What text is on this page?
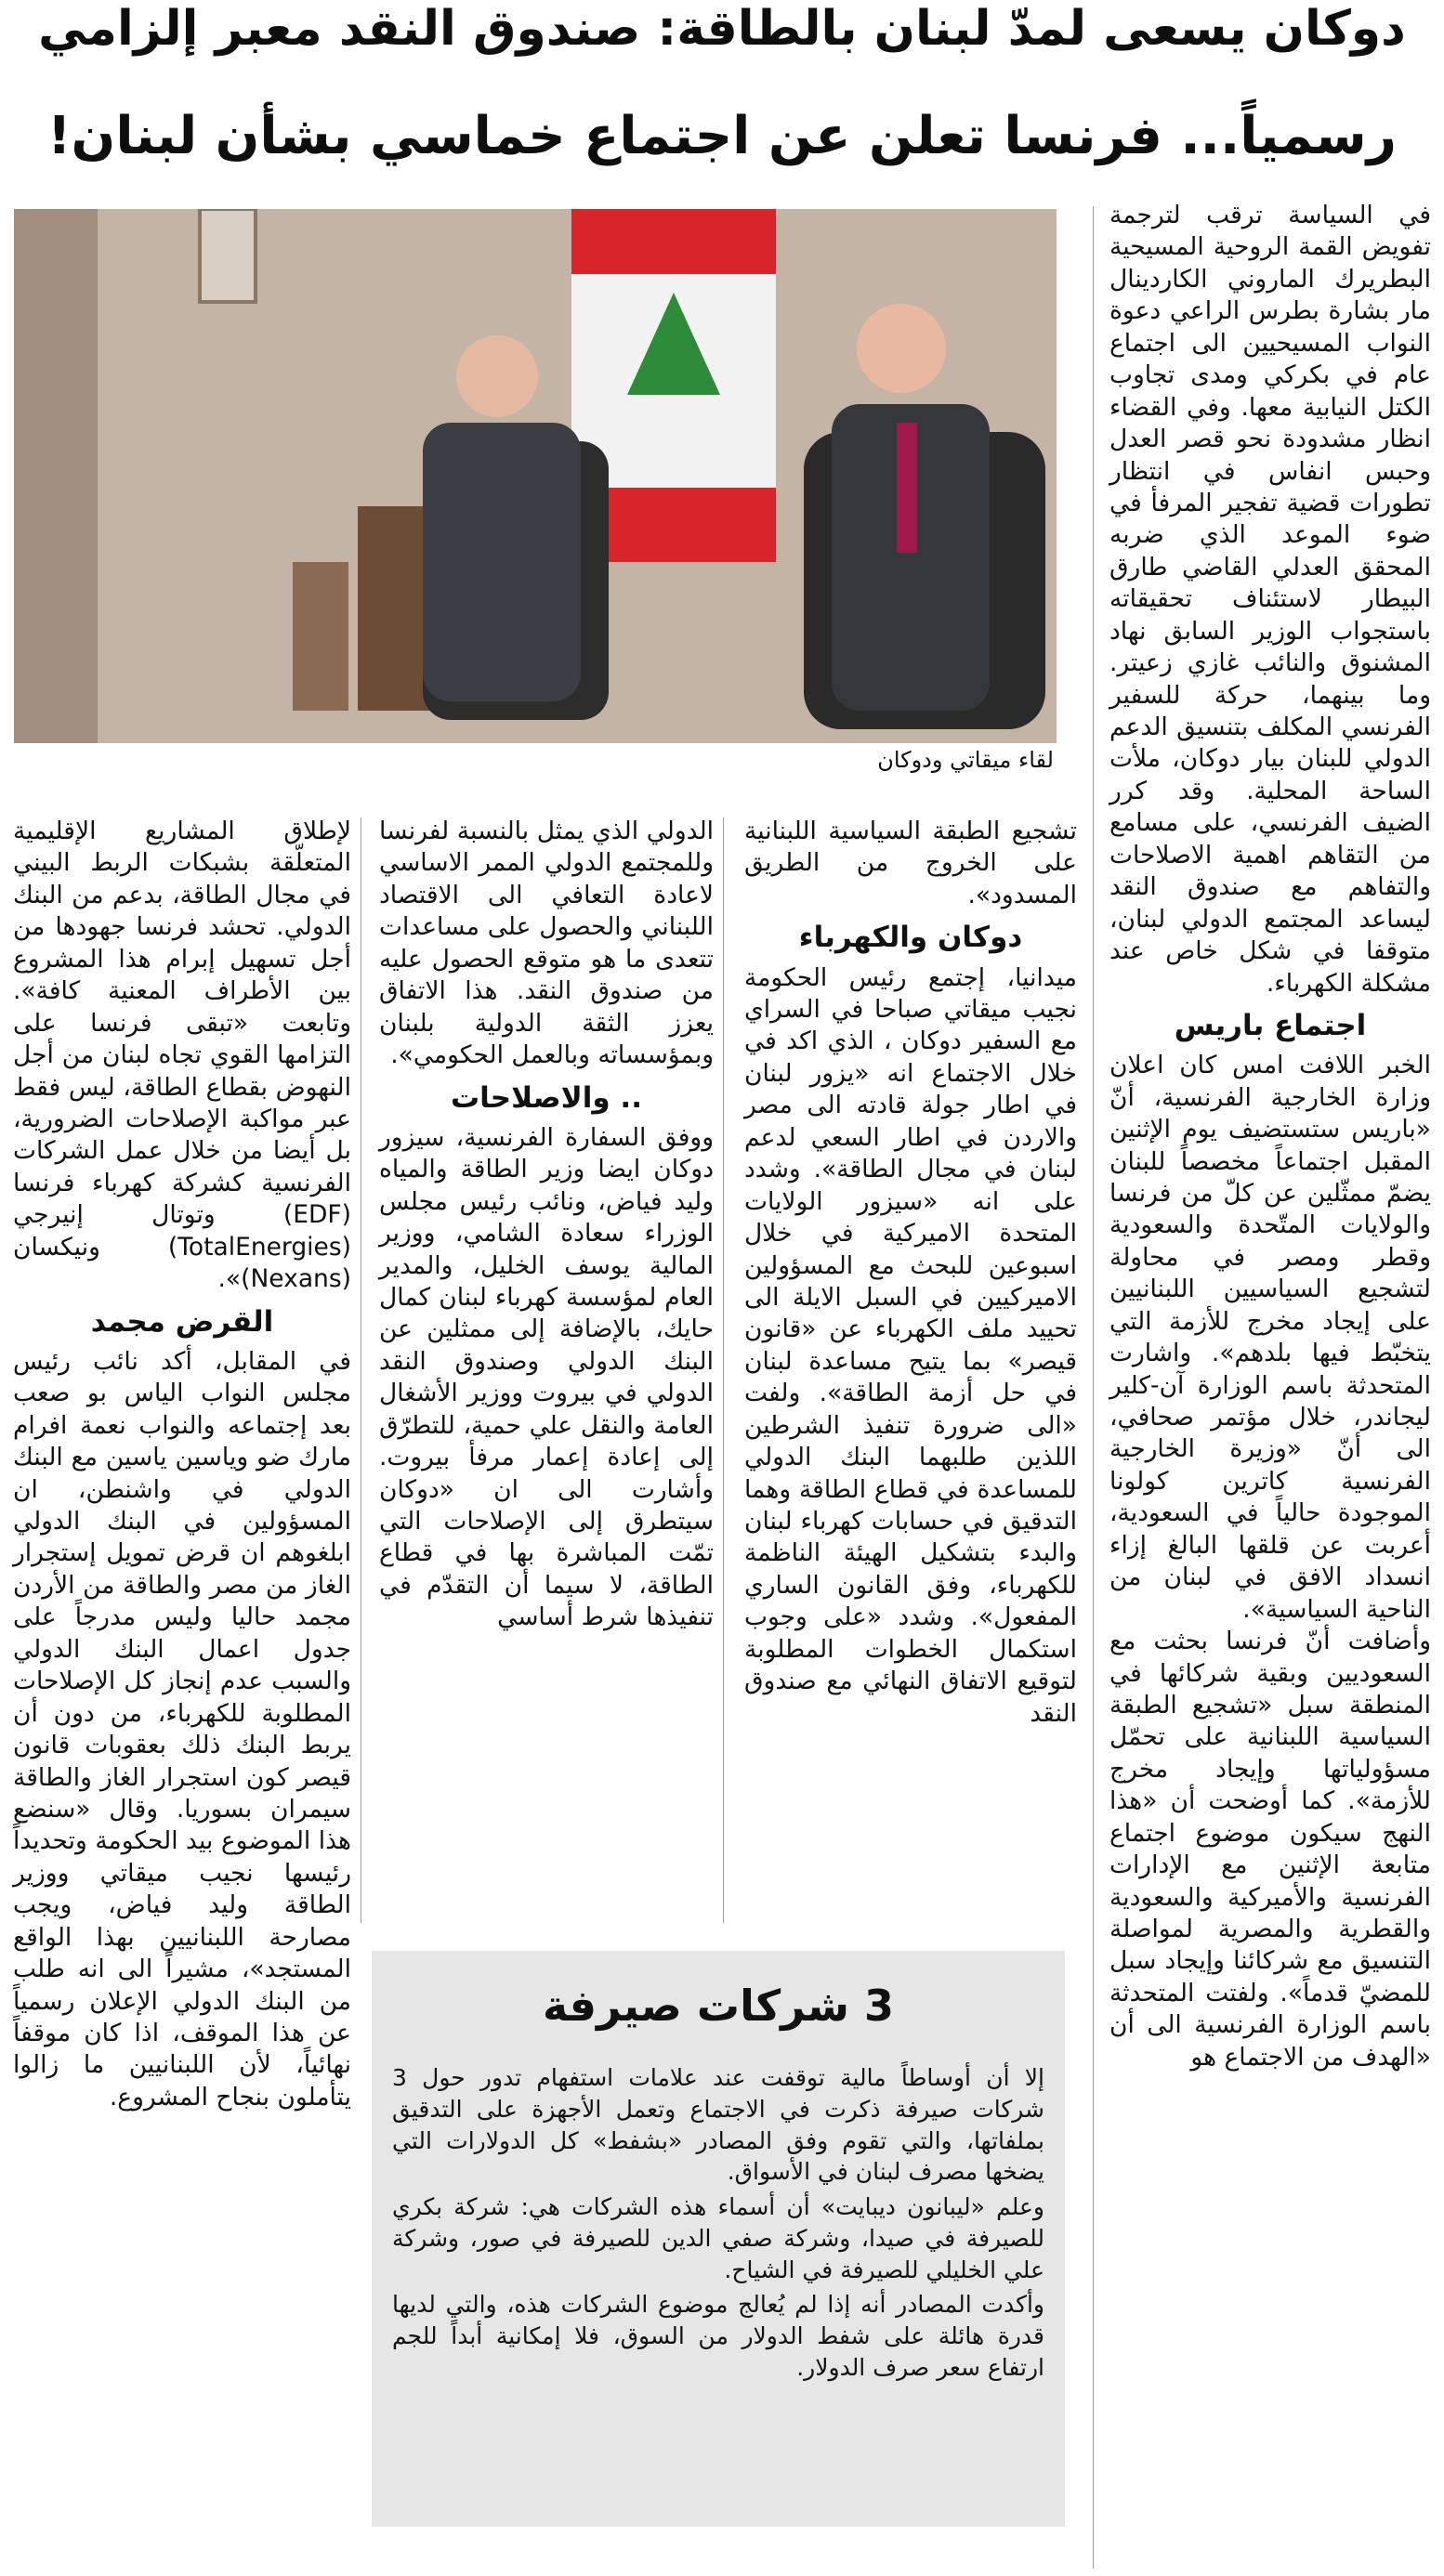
دوكان يسعى لمدّ لبنان بالطاقة: صندوق النقد معبر إلزامي
رسمياً... فرنسا تعلن عن اجتماع خماسي بشأن لبنان!

في السياسة ترقب لترجمة تفويض القمة الروحية المسيحية البطريرك الماروني الكاردينال مار بشارة بطرس الراعي دعوة النواب المسيحيين الى اجتماع عام في بكركي ومدى تجاوب الكتل النيابية معها. وفي القضاء انظار مشدودة نحو قصر العدل وحبس انفاس في انتظار تطورات قضية تفجير المرفأ في ضوء الموعد الذي ضربه المحقق العدلي القاضي طارق البيطار لاستئناف تحقيقاته باستجواب الوزير السابق نهاد المشنوق والنائب غازي زعيتر. وما بينهما، حركة للسفير الفرنسي المكلف بتنسيق الدعم الدولي للبنان بيار دوكان، ملأت الساحة المحلية. وقد كرر الضيف الفرنسي، على مسامع من التقاهم اهمية الاصلاحات والتفاهم مع صندوق النقد ليساعد المجتمع الدولي لبنان، متوقفا في شكل خاص عند مشكلة الكهرباء.

اجتماع باريس

الخبر اللافت امس كان اعلان وزارة الخارجية الفرنسية، أنّ «باريس ستستضيف يوم الإثنين المقبل اجتماعاً مخصصاً للبنان يضمّ ممثّلين عن كلّ من فرنسا والولايات المتّحدة والسعودية وقطر ومصر في محاولة لتشجيع السياسيين اللبنانيين على إيجاد مخرج للأزمة التي يتخبّط فيها بلدهم». واشارت المتحدثة باسم الوزارة آن-كلير ليجاندر، خلال مؤتمر صحافي، الى أنّ «وزيرة الخارجية الفرنسية كاترين كولونا الموجودة حالياً في السعودية، أعربت عن قلقها البالغ إزاء انسداد الافق في لبنان من الناحية السياسية».

وأضافت أنّ فرنسا بحثت مع السعوديين وبقية شركائها في المنطقة سبل «تشجيع الطبقة السياسية اللبنانية على تحمّل مسؤولياتها وإيجاد مخرج للأزمة». كما أوضحت أن «هذا النهج سيكون موضوع اجتماع متابعة الإثنين مع الإدارات الفرنسية والأميركية والسعودية والقطرية والمصرية لمواصلة التنسيق مع شركائنا وإيجاد سبل للمضيّ قدماً». ولفتت المتحدثة باسم الوزارة الفرنسية الى أن «الهدف من الاجتماع هو

لقاء ميقاتي ودوكان

تشجيع الطبقة السياسية اللبنانية على الخروج من الطريق المسدود».

دوكان والكهرباء

ميدانيا، إجتمع رئيس الحكومة نجيب ميقاتي صباحا في السراي مع السفير دوكان ، الذي اكد في خلال الاجتماع انه «يزور لبنان في اطار جولة قادته الى مصر والاردن في اطار السعي لدعم لبنان في مجال الطاقة». وشدد على انه «سيزور الولايات المتحدة الاميركية في خلال اسبوعين للبحث مع المسؤولين الاميركيين في السبل الايلة الى تحييد ملف الكهرباء عن «قانون قيصر» بما يتيح مساعدة لبنان في حل أزمة الطاقة». ولفت «الى ضرورة تنفيذ الشرطين اللذين طلبهما البنك الدولي للمساعدة في قطاع الطاقة وهما التدقيق في حسابات كهرباء لبنان والبدء بتشكيل الهيئة الناظمة للكهرباء، وفق القانون الساري المفعول». وشدد «على وجوب استكمال الخطوات المطلوبة لتوقيع الاتفاق النهائي مع صندوق النقد

الدولي الذي يمثل بالنسبة لفرنسا وللمجتمع الدولي الممر الاساسي لاعادة التعافي الى الاقتصاد اللبناني والحصول على مساعدات تتعدى ما هو متوقع الحصول عليه من صندوق النقد. هذا الاتفاق يعزز الثقة الدولية بلبنان وبمؤسساته وبالعمل الحكومي».

.. والاصلاحات

ووفق السفارة الفرنسية، سيزور دوكان ايضا وزير الطاقة والمياه وليد فياض، ونائب رئيس مجلس الوزراء سعادة الشامي، ووزير المالية يوسف الخليل، والمدير العام لمؤسسة كهرباء لبنان كمال حايك، بالإضافة إلى ممثلين عن البنك الدولي وصندوق النقد الدولي في بيروت ووزير الأشغال العامة والنقل علي حمية، للتطرّق إلى إعادة إعمار مرفأ بيروت. وأشارت الى ان «دوكان سيتطرق إلى الإصلاحات التي تمّت المباشرة بها في قطاع الطاقة، لا سيما أن التقدّم في تنفيذها شرط أساسي

لإطلاق المشاريع الإقليمية المتعلّقة بشبكات الربط البيني في مجال الطاقة، بدعم من البنك الدولي. تحشد فرنسا جهودها من أجل تسهيل إبرام هذا المشروع بين الأطراف المعنية كافة». وتابعت «تبقى فرنسا على التزامها القوي تجاه لبنان من أجل النهوض بقطاع الطاقة، ليس فقط عبر مواكبة الإصلاحات الضرورية، بل أيضا من خلال عمل الشركات الفرنسية كشركة كهرباء فرنسا (EDF) وتوتال إنيرجي (TotalEnergies) ونيكسان (Nexans)».

القرض مجمد

في المقابل، أكد نائب رئيس مجلس النواب الياس بو صعب بعد إجتماعه والنواب نعمة افرام مارك ضو وياسين ياسين مع البنك الدولي في واشنطن، ان المسؤولين في البنك الدولي ابلغوهم ان قرض تمويل إستجرار الغاز من مصر والطاقة من الأردن مجمد حاليا وليس مدرجاً على جدول اعمال البنك الدولي والسبب عدم إنجاز كل الإصلاحات المطلوبة للكهرباء، من دون أن يربط البنك ذلك بعقوبات قانون قيصر كون استجرار الغاز والطاقة سيمران بسوريا. وقال «سنضع هذا الموضوع بيد الحكومة وتحديداً رئيسها نجيب ميقاتي ووزير الطاقة وليد فياض، ويجب مصارحة اللبنانيين بهذا الواقع المستجد»، مشيراً الى انه طلب من البنك الدولي الإعلان رسمياً عن هذا الموقف، اذا كان موقفاً نهائياً، لأن اللبنانيين ما زالوا يتأملون بنجاح المشروع.

3 شركات صيرفة

إلا أن أوساطاً مالية توقفت عند علامات استفهام تدور حول 3 شركات صيرفة ذكرت في الاجتماع وتعمل الأجهزة على التدقيق بملفاتها، والتي تقوم وفق المصادر «بشفط» كل الدولارات التي يضخها مصرف لبنان في الأسواق.

وعلم «ليبانون ديبايت» أن أسماء هذه الشركات هي: شركة بكري للصيرفة في صيدا، وشركة صفي الدين للصيرفة في صور، وشركة علي الخليلي للصيرفة في الشياح.

وأكدت المصادر أنه إذا لم يُعالج موضوع الشركات هذه، والتي لديها قدرة هائلة على شفط الدولار من السوق، فلا إمكانية أبداً للجم ارتفاع سعر صرف الدولار.
